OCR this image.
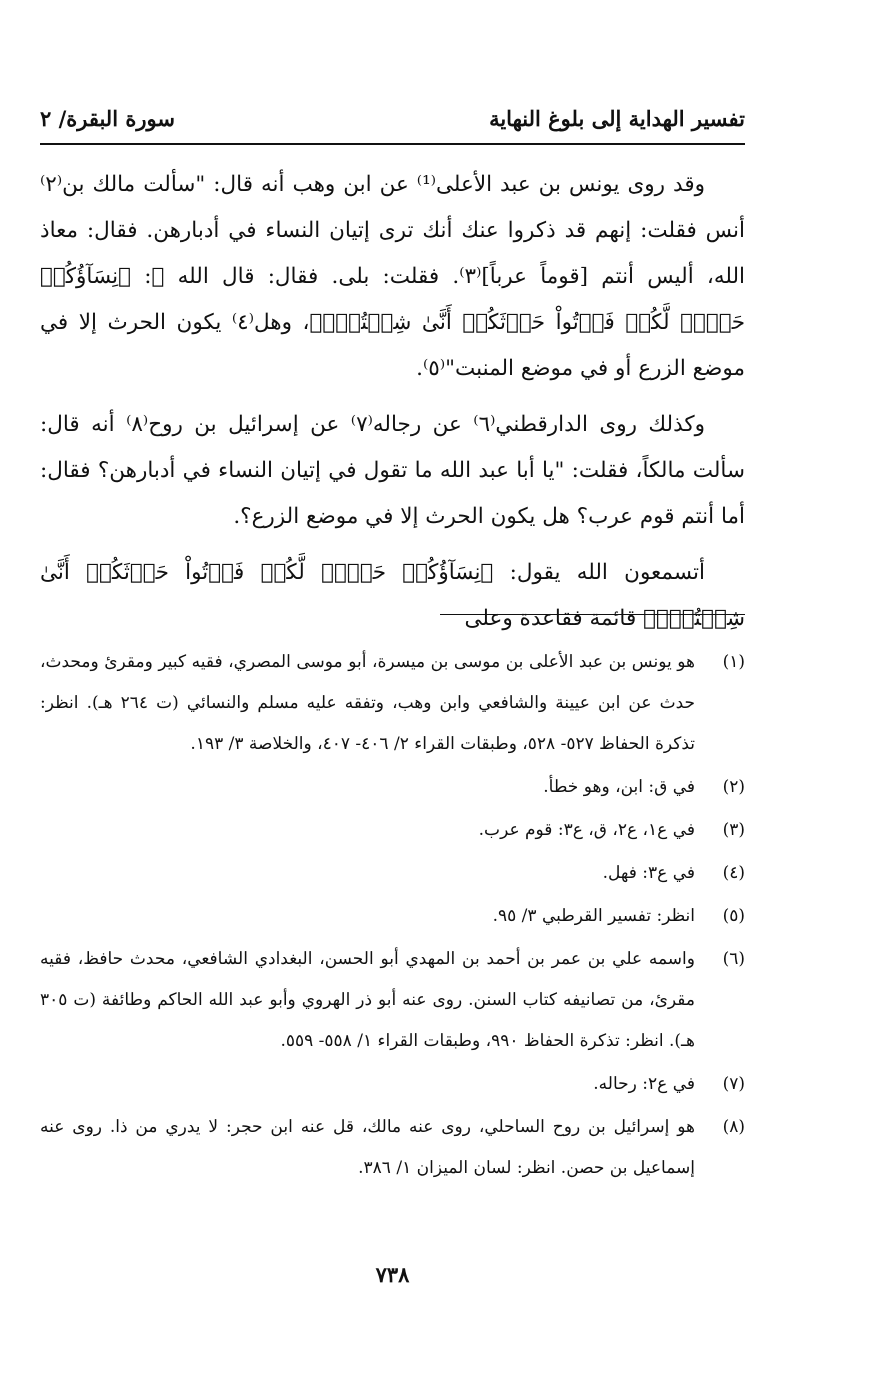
تفسير الهداية إلى بلوغ النهاية
سورة البقرة/ ٢

وقد روى يونس بن عبد الأعلى⁽¹⁾ عن ابن وهب أنه قال: "سألت مالك بن⁽٢⁾ أنس فقلت: إنهم قد ذكروا عنك أنك ترى إتيان النساء في أدبارهن. فقال: معاذ الله، أليس أنتم [قوماً عرباً]⁽٣⁾. فقلت: بلى. فقال: قال الله ﷻ: ﴿نِسَآؤُكُمۡ حَرۡثٞ لَّكُمۡ فَأۡتُواْ حَرۡثَكُمۡ أَنَّىٰ شِئۡتُمۡۖ﴾، وهل⁽٤⁾ يكون الحرث إلا في موضع الزرع أو في موضع المنبت"⁽٥⁾.

وكذلك روى الدارقطني⁽٦⁾ عن رجاله⁽٧⁾ عن إسرائيل بن روح⁽٨⁾ أنه قال: سألت مالكاً، فقلت: "يا أبا عبد الله ما تقول في إتيان النساء في أدبارهن؟ فقال: أما أنتم قوم عرب؟ هل يكون الحرث إلا في موضع الزرع؟.

أتسمعون الله يقول: ﴿نِسَآؤُكُمۡ حَرۡثٞ لَّكُمۡ فَأۡتُواْ حَرۡثَكُمۡ أَنَّىٰ شِئۡتُمۡۖ﴾ قائمة فقاعدة وعلى

(١)
هو يونس بن عبد الأعلى بن موسى بن ميسرة، أبو موسى المصري، فقيه كبير ومقرئ ومحدث، حدث عن ابن عيينة والشافعي وابن وهب، وتفقه عليه مسلم والنسائي (ت ٢٦٤ هـ). انظر: تذكرة الحفاظ ٥٢٧- ٥٢٨، وطبقات القراء ٢/ ٤٠٦- ٤٠٧، والخلاصة ٣/ ١٩٣.
(٢)
في ق: ابن، وهو خطأ.
(٣)
في ع١، ع٢، ق، ع٣: قوم عرب.
(٤)
في ع٣: فهل.
(٥)
انظر: تفسير القرطبي ٣/ ٩٥.
(٦)
واسمه علي بن عمر بن أحمد بن المهدي أبو الحسن، البغدادي الشافعي، محدث حافظ، فقيه مقرئ، من تصانيفه كتاب السنن. روى عنه أبو ذر الهروي وأبو عبد الله الحاكم وطائفة (ت ٣٠٥ هـ). انظر: تذكرة الحفاظ ٩٩٠، وطبقات القراء ١/ ٥٥٨- ٥٥٩.
(٧)
في ع٢: رحاله.
(٨)
هو إسرائيل بن روح الساحلي، روى عنه مالك، قل عنه ابن حجر: لا يدري من ذا. روى عنه إسماعيل بن حصن. انظر: لسان الميزان ١/ ٣٨٦.
٧٣٨
